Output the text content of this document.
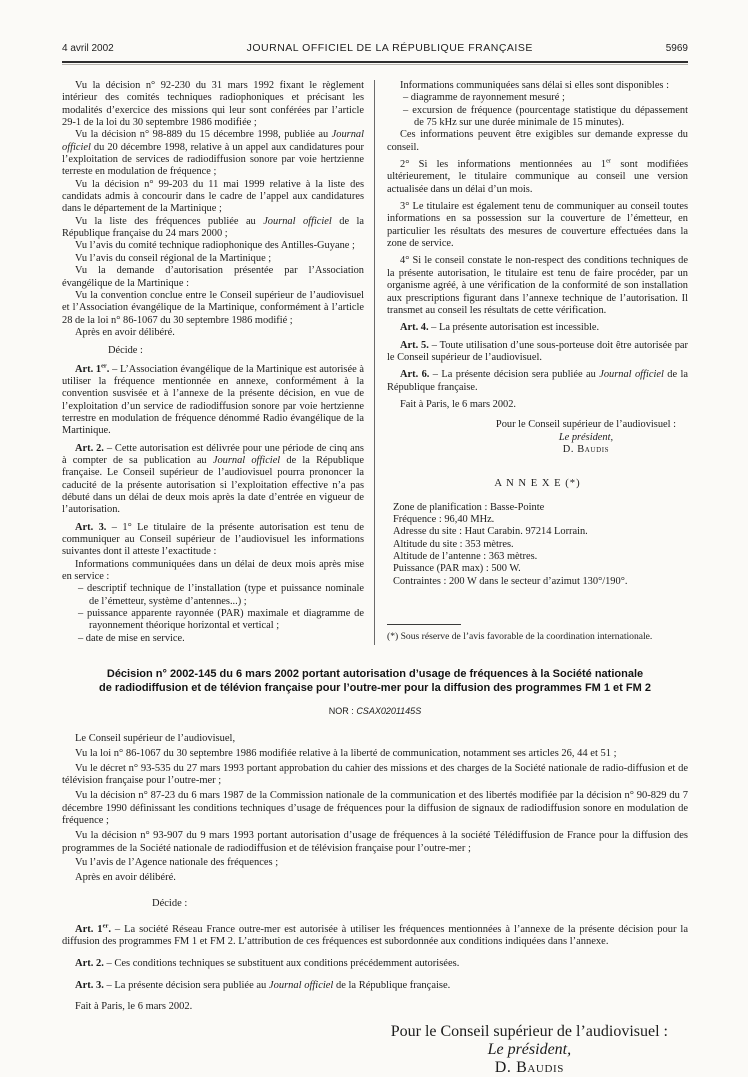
4 avril 2002	JOURNAL OFFICIEL DE LA RÉPUBLIQUE FRANÇAISE	5969

Vu la décision n° 92-230 du 31 mars 1992 fixant le règlement intérieur des comités techniques radiophoniques et précisant les modalités d’exercice des missions qui leur sont conférées par l’article 29-1 de la loi du 30 septembre 1986 modifiée ;

Vu la décision n° 98-889 du 15 décembre 1998, publiée au Journal officiel du 20 décembre 1998, relative à un appel aux candidatures pour l’exploitation de services de radiodiffusion sonore par voie hertzienne terreste en modulation de fréquence ;

Vu la décision n° 99-203 du 11 mai 1999 relative à la liste des candidats admis à concourir dans le cadre de l’appel aux candidatures dans le département de la Martinique ;

Vu la liste des fréquences publiée au Journal officiel de la République française du 24 mars 2000 ;

Vu l’avis du comité technique radiophonique des Antilles-Guyane ;

Vu l’avis du conseil régional de la Martinique ;

Vu la demande d’autorisation présentée par l’Association évangélique de la Martinique :

Vu la convention conclue entre le Conseil supérieur de l’audiovisuel et l’Association évangélique de la Martinique, conformément à l’article 28 de la loi n° 86-1067 du 30 septembre 1986 modifié ;

Après en avoir délibéré.

Décide :

Art. 1er. – L’Association évangélique de la Martinique est autorisée à utiliser la fréquence mentionnée en annexe, conformément à la convention susvisée et à l’annexe de la présente décision, en vue de l’exploitation d’un service de radiodiffusion sonore par voie hertzienne terrestre en modulation de fréquence dénommé Radio évangélique de la Martinique.

Art. 2. – Cette autorisation est délivrée pour une période de cinq ans à compter de sa publication au Journal officiel de la République française. Le Conseil supérieur de l’audiovisuel pourra prononcer la caducité de la présente autorisation si l’exploitation effective n’a pas débuté dans un délai de deux mois après la date d’entrée en vigueur de l’autorisation.

Art. 3. – 1° Le titulaire de la présente autorisation est tenu de communiquer au Conseil supérieur de l’audiovisuel les informations suivantes dont il atteste l’exactitude :

Informations communiquées dans un délai de deux mois après mise en service :

– descriptif technique de l’installation (type et puissance nominale de l’émetteur, système d’antennes...) ;

– puissance apparente rayonnée (PAR) maximale et diagramme de rayonnement théorique horizontal et vertical ;

– date de mise en service.

Informations communiquées sans délai si elles sont disponibles :

– diagramme de rayonnement mesuré ;

– excursion de fréquence (pourcentage statistique du dépassement de 75 kHz sur une durée minimale de 15 minutes).

Ces informations peuvent être exigibles sur demande expresse du conseil.

2° Si les informations mentionnées au 1er sont modifiées ultérieurement, le titulaire communique au conseil une version actualisée dans un délai d’un mois.

3° Le titulaire est également tenu de communiquer au conseil toutes informations en sa possession sur la couverture de l’émetteur, en particulier les résultats des mesures de couverture effectuées dans la zone de service.

4° Si le conseil constate le non-respect des conditions techniques de la présente autorisation, le titulaire est tenu de faire procéder, par un organisme agréé, à une vérification de la conformité de son installation aux prescriptions figurant dans l’annexe technique de l’autorisation. Il transmet au conseil les résultats de cette vérification.

Art. 4. – La présente autorisation est incessible.

Art. 5. – Toute utilisation d’une sous-porteuse doit être autorisée par le Conseil supérieur de l’audiovisuel.

Art. 6. – La présente décision sera publiée au Journal officiel de la République française.

Fait à Paris, le 6 mars 2002.

Pour le Conseil supérieur de l’audiovisuel :
Le président,
D. Baudis
A N N E X E (*)

Zone de planification : Basse-Pointe

Fréquence : 96,40 MHz.

Adresse du site : Haut Carabin. 97214 Lorrain.

Altitude du site : 353 mètres.

Altitude de l’antenne : 363 mètres.

Puissance (PAR max) : 500 W.

Contraintes : 200 W dans le secteur d’azimut 130°/190°.

(*) Sous réserve de l’avis favorable de la coordination internationale.
Décision n° 2002-145 du 6 mars 2002 portant autorisation d’usage de fréquences à la Société nationale
de radiodiffusion et de télévion française pour l’outre-mer pour la diffusion des programmes FM 1 et FM 2
NOR : CSAX0201145S

Le Conseil supérieur de l’audiovisuel,

Vu la loi n° 86-1067 du 30 septembre 1986 modifiée relative à la liberté de communication, notamment ses articles 26, 44 et 51 ;

Vu le décret n° 93-535 du 27 mars 1993 portant approbation du cahier des missions et des charges de la Société nationale de radio-diffusion et de télévision française pour l’outre-mer ;

Vu la décision n° 87-23 du 6 mars 1987 de la Commission nationale de la communication et des libertés modifiée par la décision n° 90-829 du 7 décembre 1990 définissant les conditions techniques d’usage de fréquences pour la diffusion de signaux de radiodiffusion sonore en modulation de fréquence ;

Vu la décision n° 93-907 du 9 mars 1993 portant autorisation d’usage de fréquences à la société Télédiffusion de France pour la diffusion des programmes de la Société nationale de radiodiffusion et de télévision française pour l’outre-mer ;

Vu l’avis de l’Agence nationale des fréquences ;

Après en avoir délibéré.

Décide :

Art. 1er. – La société Réseau France outre-mer est autorisée à utiliser les fréquences mentionnées à l’annexe de la présente décision pour la diffusion des programmes FM 1 et FM 2. L’attribution de ces fréquences est subordonnée aux conditions indiquées dans l’annexe.

Art. 2. – Ces conditions techniques se substituent aux conditions précédemment autorisées.

Art. 3. – La présente décision sera publiée au Journal officiel de la République française.

Fait à Paris, le 6 mars 2002.

Pour le Conseil supérieur de l’audiovisuel :
Le président,
D. Baudis
